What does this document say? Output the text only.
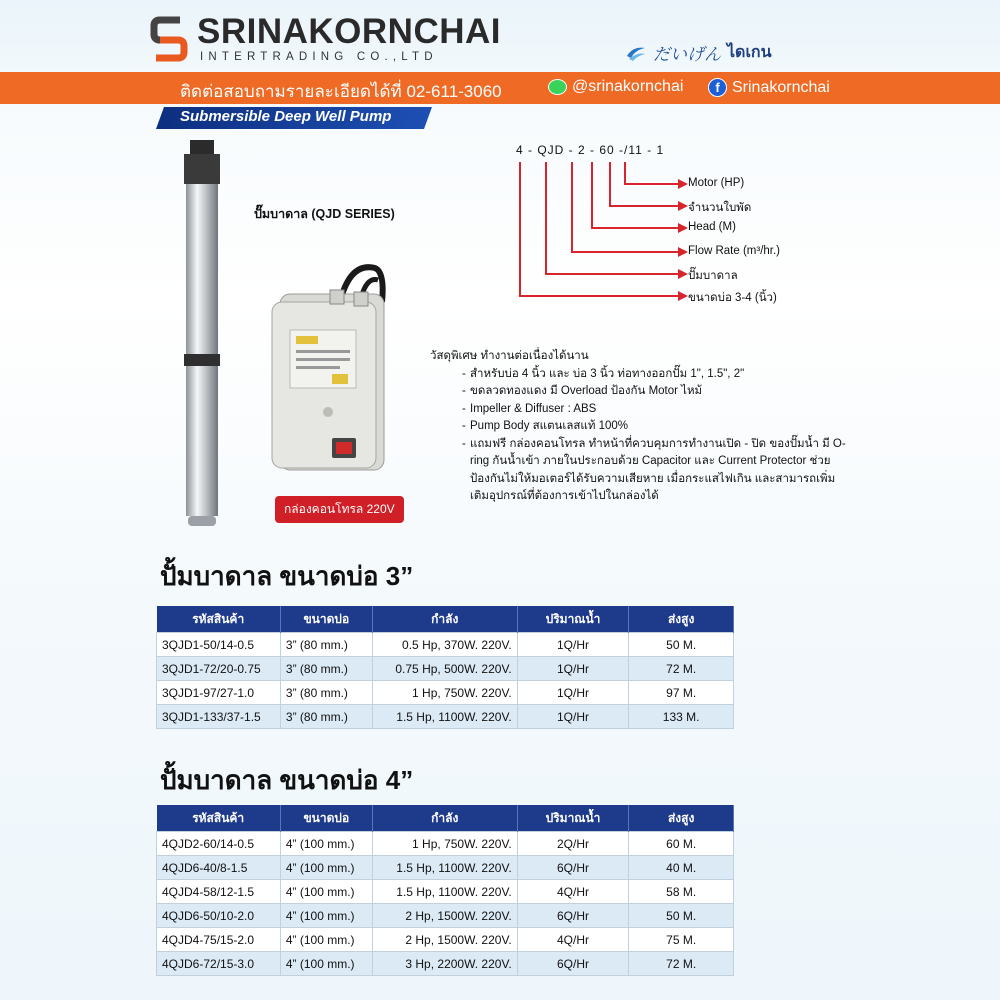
SRINAKORNCHAI
INTERTRADING CO.,LTD	だいげん ไดเกน
ติดต่อสอบถามรายละเอียดได้ที่ 02-611-3060	@srinakornchai	f Srinakornchai
Submersible Deep Well Pump
ปั๊มบาดาล (QJD SERIES)
กล่องคอนโทรล 220V
4 - QJD - 2 - 60 -/11 - 1
Motor (HP)
จำนวนใบพัด
Head (M)
Flow Rate (m³/hr.)
ปั๊มบาดาล
ขนาดบ่อ 3-4 (นิ้ว)
วัสดุพิเศษ ทำงานต่อเนื่องได้นาน
- สำหรับบ่อ 4 นิ้ว และ บ่อ 3 นิ้ว ท่อทางออกปั๊ม 1", 1.5", 2"
- ขดลวดทองแดง มี Overload ป้องกัน Motor ไหม้
- Impeller & Diffuser : ABS
- Pump Body สแตนเลสแท้ 100%
- แถมฟรี กล่องคอนโทรล ทำหน้าที่ควบคุมการทำงานเปิด - ปิด ของปั๊มน้ำ มี O-ring กันน้ำเข้า ภายในประกอบด้วย Capacitor และ Current Protector ช่วยป้องกันไม่ให้มอเตอร์ได้รับความเสียหาย เมื่อกระแสไฟเกิน และสามารถเพิ่มเติมอุปกรณ์ที่ต้องการเข้าไปในกล่องได้
ปั้มบาดาล ขนาดบ่อ 3”
รหัสสินค้า	ขนาดบ่อ	กำลัง	ปริมาณน้ำ	ส่งสูง
3QJD1-50/14-0.5	3” (80 mm.)	0.5 Hp, 370W. 220V.	1Q/Hr	50 M.
3QJD1-72/20-0.75	3” (80 mm.)	0.75 Hp, 500W. 220V.	1Q/Hr	72 M.
3QJD1-97/27-1.0	3” (80 mm.)	1 Hp, 750W. 220V.	1Q/Hr	97 M.
3QJD1-133/37-1.5	3” (80 mm.)	1.5 Hp, 1100W. 220V.	1Q/Hr	133 M.
ปั้มบาดาล ขนาดบ่อ 4”
รหัสสินค้า	ขนาดบ่อ	กำลัง	ปริมาณน้ำ	ส่งสูง
4QJD2-60/14-0.5	4” (100 mm.)	1 Hp, 750W. 220V.	2Q/Hr	60 M.
4QJD6-40/8-1.5	4” (100 mm.)	1.5 Hp, 1100W. 220V.	6Q/Hr	40 M.
4QJD4-58/12-1.5	4” (100 mm.)	1.5 Hp, 1100W. 220V.	4Q/Hr	58 M.
4QJD6-50/10-2.0	4” (100 mm.)	2 Hp, 1500W. 220V.	6Q/Hr	50 M.
4QJD4-75/15-2.0	4” (100 mm.)	2 Hp, 1500W. 220V.	4Q/Hr	75 M.
4QJD6-72/15-3.0	4” (100 mm.)	3 Hp, 2200W. 220V.	6Q/Hr	72 M.
